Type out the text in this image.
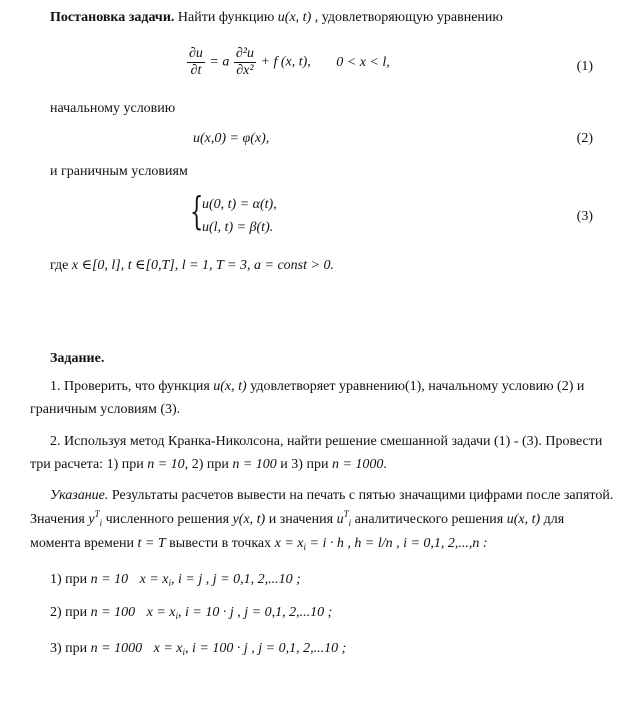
Постановка задачи. Найти функцию u(x, t) , удовлетворяющую уравнению
$\frac{\partial u}{\partial t} = a \frac{\text{∂²u}}{\text{∂x²}} + f$ (x, t), 0 < x < l,	(1)
начальному условию
u(x,0) = φ(x),	(2)
и граничным условиям
{
u(0, t) = α(t),
u(l, t) = β(t).
(3)
где x ∈[0, l], t ∈[0,T], l = 1, T = 3, a = const > 0.
Задание.
1. Проверить, что функция u(x, t) удовлетворяет уравнению(1), начальному условию (2) и
граничным условиям (3).
2. Используя метод Кранка-Николсона, найти решение смешанной задачи (1) - (3). Провести
три расчета: 1) при n = 10, 2) при n = 100 и 3) при n = 1000.
Указание. Результаты расчетов вывести на печать с пятью значащими цифрами после запятой.
Значения $y^T_i$ численного решения y(x, t) и значения $u^T_i$ аналитического решения u(x, t) для
момента времени t = T вывести в точках $x = x_i = i \cdot h$ , h = l/n , i = 0,1, 2,...,n :
1) при n = 10 $x = x_i$, i = j , j = 0,1, 2,...10 ;
2) при n = 100 $x = x_i$, i = 10 · j , j = 0,1, 2,...10 ;
3) при n = 1000 $x = x_i$, i = 100 · j , j = 0,1, 2,...10 ;
